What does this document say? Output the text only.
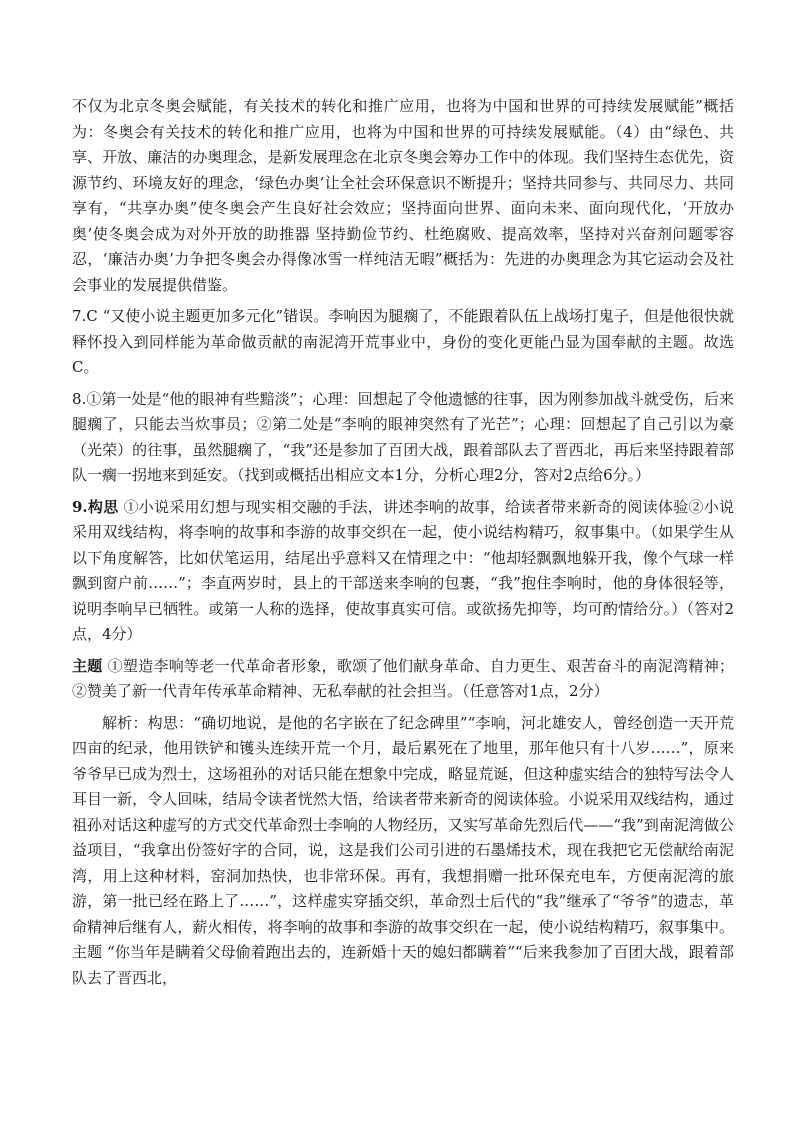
不仅为北京冬奥会赋能，有关技术的转化和推广应用，也将为中国和世界的可持续发展赋能”概括为：冬奥会有关技术的转化和推广应用，也将为中国和世界的可持续发展赋能。（4）由“绿色、共享、开放、廉洁的办奥理念，是新发展理念在北京冬奥会筹办工作中的体现。我们坚持生态优先，资源节约、环境友好的理念，‘绿色办奥’让全社会环保意识不断提升；坚持共同参与、共同尽力、共同享有，“共享办奥”使冬奥会产生良好社会效应；坚持面向世界、面向未来、面向现代化，‘开放办奥’使冬奥会成为对外开放的助推器 坚持勤俭节约、杜绝腐败、提高效率，坚持对兴奋剂问题零容忍，‘廉洁办奥’力争把冬奥会办得像冰雪一样纯洁无暇”概括为：先进的办奥理念为其它运动会及社会事业的发展提供借鉴。

7.C “又使小说主题更加多元化”错误。李响因为腿瘸了，不能跟着队伍上战场打鬼子，但是他很快就释怀投入到同样能为革命做贡献的南泥湾开荒事业中，身份的变化更能凸显为国奉献的主题。故选C。

8.①第一处是“他的眼神有些黯淡”；心理：回想起了令他遗憾的往事，因为刚参加战斗就受伤，后来腿瘸了，只能去当炊事员；②第二处是“李响的眼神突然有了光芒”；心理：回想起了自己引以为豪（光荣）的往事，虽然腿瘸了，“我”还是参加了百团大战，跟着部队去了晋西北，再后来坚持跟着部队一瘸一拐地来到延安。（找到或概括出相应文本1分，分析心理2分，答对2点给6分。）

9.构思 ①小说采用幻想与现实相交融的手法，讲述李响的故事，给读者带来新奇的阅读体验②小说采用双线结构，将李响的故事和李游的故事交织在一起，使小说结构精巧，叙事集中。（如果学生从以下角度解答，比如伏笔运用，结尾出乎意料又在情理之中：“他却轻飘飘地躲开我，像个气球一样飘到窗户前……”；李直两岁时，县上的干部送来李响的包裹，“我”抱住李响时，他的身体很轻等，说明李响早已牺牲。或第一人称的选择，使故事真实可信。或欲扬先抑等，均可酌情给分。）（答对2点，4分）

主题 ①塑造李响等老一代革命者形象，歌颂了他们献身革命、自力更生、艰苦奋斗的南泥湾精神；②赞美了新一代青年传承革命精神、无私奉献的社会担当。（任意答对1点，2分）

解析：构思：“确切地说，是他的名字嵌在了纪念碑里”“李响，河北雄安人，曾经创造一天开荒四亩的纪录，他用铁铲和镬头连续开荒一个月，最后累死在了地里，那年他只有十八岁……”，原来爷爷早已成为烈士，这场祖孙的对话只能在想象中完成，略显荒诞，但这种虚实结合的独特写法令人耳目一新，令人回味，结局令读者恍然大悟，给读者带来新奇的阅读体验。小说采用双线结构，通过祖孙对话这种虚写的方式交代革命烈士李响的人物经历，又实写革命先烈后代——“我”到南泥湾做公益项目，“我拿出份签好字的合同，说，这是我们公司引进的石墨烯技术，现在我把它无偿献给南泥湾，用上这种材料，窑洞加热快，也非常环保。再有，我想捐赠一批环保充电车，方便南泥湾的旅游，第一批已经在路上了……”，这样虚实穿插交织，革命烈士后代的“我”继承了“爷爷”的遗志，革命精神后继有人，薪火相传，将李响的故事和李游的故事交织在一起，使小说结构精巧，叙事集中。主题 “你当年是瞒着父母偷着跑出去的，连新婚十天的媳妇都瞒着”“后来我参加了百团大战，跟着部队去了晋西北，
